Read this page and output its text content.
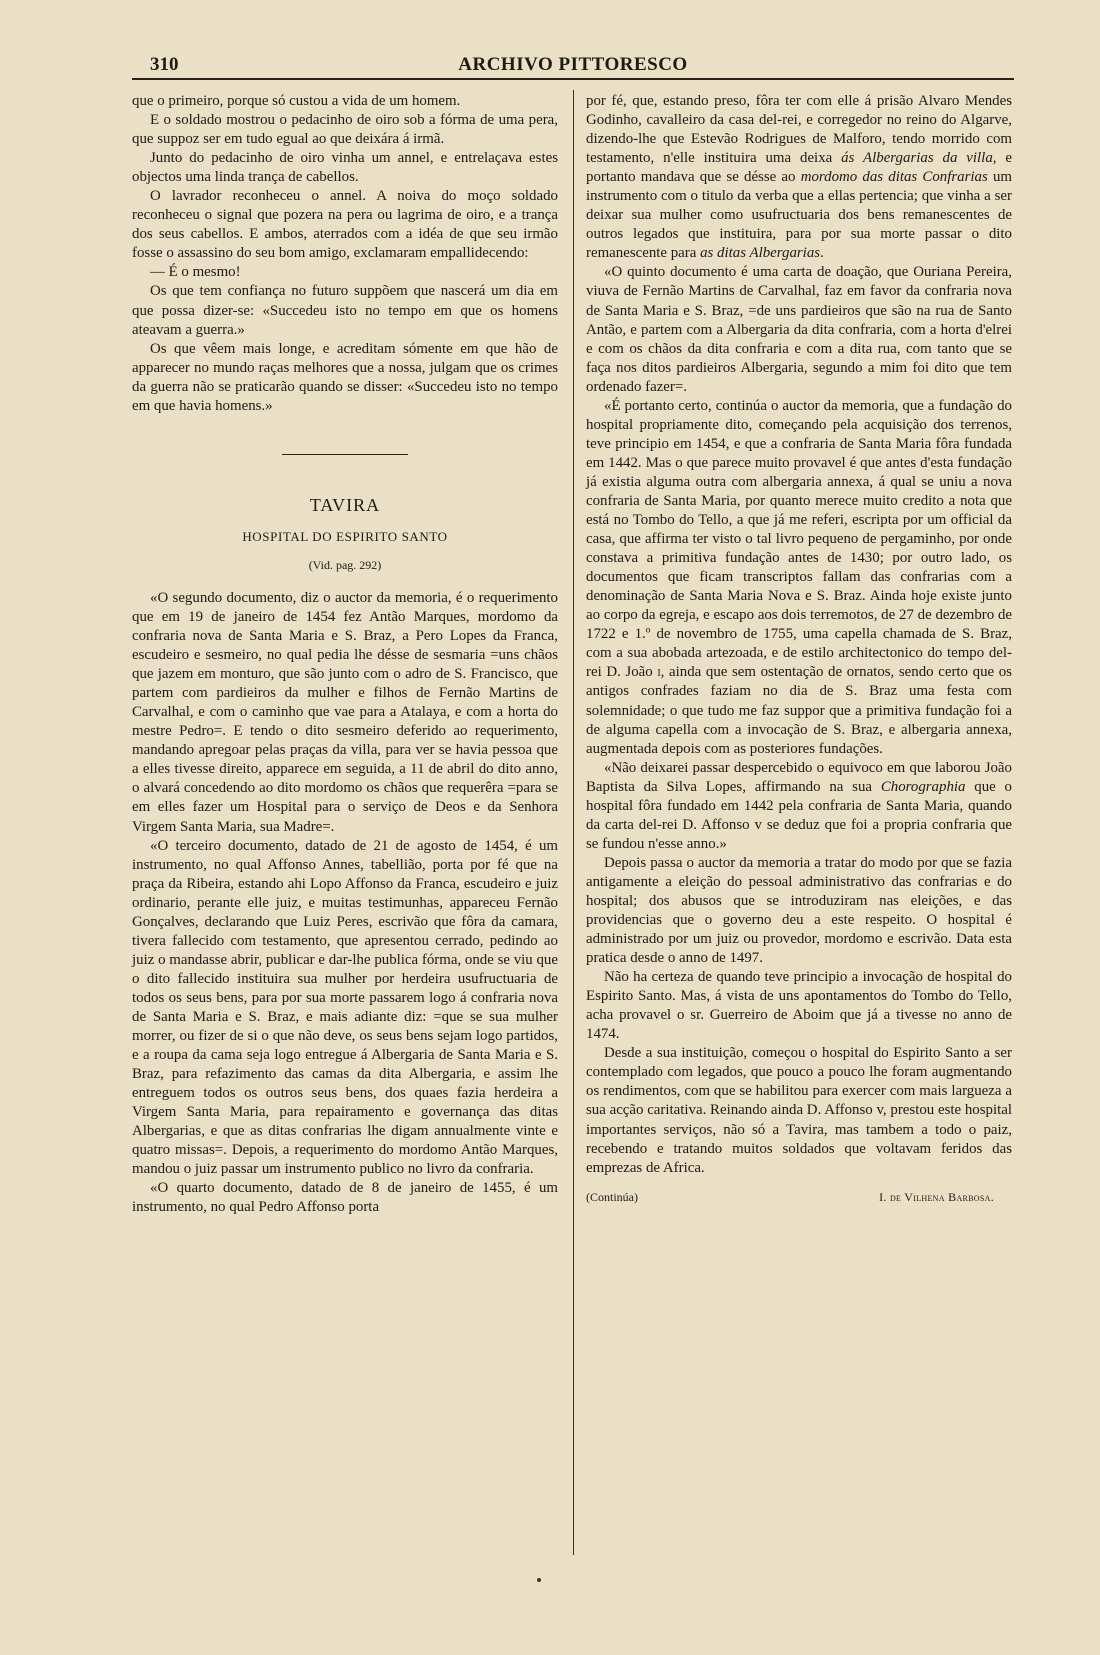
310	ARCHIVO PITTORESCO

que o primeiro, porque só custou a vida de um homem.

E o soldado mostrou o pedacinho de oiro sob a fórma de uma pera, que suppoz ser em tudo egual ao que deixára á irmã.

Junto do pedacinho de oiro vinha um annel, e entrelaçava estes objectos uma linda trança de cabellos.

O lavrador reconheceu o annel. A noiva do moço soldado reconheceu o signal que pozera na pera ou lagrima de oiro, e a trança dos seus cabellos. E ambos, aterrados com a idéa de que seu irmão fosse o assassino do seu bom amigo, exclamaram empallidecendo:

— É o mesmo!

Os que tem confiança no futuro suppõem que nascerá um dia em que possa dizer-se: «Succedeu isto no tempo em que os homens ateavam a guerra.»

Os que vêem mais longe, e acreditam sómente em que hão de apparecer no mundo raças melhores que a nossa, julgam que os crimes da guerra não se praticarão quando se disser: «Succedeu isto no tempo em que havia homens.»

TAVIRA
HOSPITAL DO ESPIRITO SANTO
(Vid. pag. 292)

«O segundo documento, diz o auctor da memoria, é o requerimento que em 19 de janeiro de 1454 fez Antão Marques, mordomo da confraria nova de Santa Maria e S. Braz, a Pero Lopes da Franca, escudeiro e sesmeiro, no qual pedia lhe désse de sesmaria =uns chãos que jazem em monturo, que são junto com o adro de S. Francisco, que partem com pardieiros da mulher e filhos de Fernão Martins de Carvalhal, e com o caminho que vae para a Atalaya, e com a horta do mestre Pedro=. E tendo o dito sesmeiro deferido ao requerimento, mandando apregoar pelas praças da villa, para ver se havia pessoa que a elles tivesse direito, apparece em seguida, a 11 de abril do dito anno, o alvará concedendo ao dito mordomo os chãos que requerêra =para se em elles fazer um Hospital para o serviço de Deos e da Senhora Virgem Santa Maria, sua Madre=.

«O terceiro documento, datado de 21 de agosto de 1454, é um instrumento, no qual Affonso Annes, tabellião, porta por fé que na praça da Ribeira, estando ahi Lopo Affonso da Franca, escudeiro e juiz ordinario, perante elle juiz, e muitas testimunhas, appareceu Fernão Gonçalves, declarando que Luiz Peres, escrivão que fôra da camara, tivera fallecido com testamento, que apresentou cerrado, pedindo ao juiz o mandasse abrir, publicar e dar-lhe publica fórma, onde se viu que o dito fallecido instituira sua mulher por herdeira usufructuaria de todos os seus bens, para por sua morte passarem logo á confraria nova de Santa Maria e S. Braz, e mais adiante diz: =que se sua mulher morrer, ou fizer de si o que não deve, os seus bens sejam logo partidos, e a roupa da cama seja logo entregue á Albergaria de Santa Maria e S. Braz, para refazimento das camas da dita Albergaria, e assim lhe entreguem todos os outros seus bens, dos quaes fazia herdeira a Virgem Santa Maria, para repairamento e governança das ditas Albergarias, e que as ditas confrarias lhe digam annualmente vinte e quatro missas=. Depois, a requerimento do mordomo Antão Marques, mandou o juiz passar um instrumento publico no livro da confraria.

«O quarto documento, datado de 8 de janeiro de 1455, é um instrumento, no qual Pedro Affonso porta

por fé, que, estando preso, fôra ter com elle á prisão Alvaro Mendes Godinho, cavalleiro da casa del-rei, e corregedor no reino do Algarve, dizendo-lhe que Estevão Rodrigues de Malforo, tendo morrido com testamento, n'elle instituira uma deixa ás Albergarias da villa, e portanto mandava que se désse ao mordomo das ditas Confrarias um instrumento com o titulo da verba que a ellas pertencia; que vinha a ser deixar sua mulher como usufructuaria dos bens remanescentes de outros legados que instituira, para por sua morte passar o dito remanescente para as ditas Albergarias.

«O quinto documento é uma carta de doação, que Ouriana Pereira, viuva de Fernão Martins de Carvalhal, faz em favor da confraria nova de Santa Maria e S. Braz, =de uns pardieiros que são na rua de Santo Antão, e partem com a Albergaria da dita confraria, com a horta d'elrei e com os chãos da dita confraria e com a dita rua, com tanto que se faça nos ditos pardieiros Albergaria, segundo a mim foi dito que tem ordenado fazer=.

«É portanto certo, continúa o auctor da memoria, que a fundação do hospital propriamente dito, começando pela acquisição dos terrenos, teve principio em 1454, e que a confraria de Santa Maria fôra fundada em 1442. Mas o que parece muito provavel é que antes d'esta fundação já existia alguma outra com albergaria annexa, á qual se uniu a nova confraria de Santa Maria, por quanto merece muito credito a nota que está no Tombo do Tello, a que já me referi, escripta por um official da casa, que affirma ter visto o tal livro pequeno de pergaminho, por onde constava a primitiva fundação antes de 1430; por outro lado, os documentos que ficam transcriptos fallam das confrarias com a denominação de Santa Maria Nova e S. Braz. Ainda hoje existe junto ao corpo da egreja, e escapo aos dois terremotos, de 27 de dezembro de 1722 e 1.º de novembro de 1755, uma capella chamada de S. Braz, com a sua abobada artezoada, e de estilo architectonico do tempo del-rei D. João i, ainda que sem ostentação de ornatos, sendo certo que os antigos confrades faziam no dia de S. Braz uma festa com solemnidade; o que tudo me faz suppor que a primitiva fundação foi a de alguma capella com a invocação de S. Braz, e albergaria annexa, augmentada depois com as posteriores fundações.

«Não deixarei passar despercebido o equivoco em que laborou João Baptista da Silva Lopes, affirmando na sua Chorographia que o hospital fôra fundado em 1442 pela confraria de Santa Maria, quando da carta del-rei D. Affonso v se deduz que foi a propria confraria que se fundou n'esse anno.»

Depois passa o auctor da memoria a tratar do modo por que se fazia antigamente a eleição do pessoal administrativo das confrarias e do hospital; dos abusos que se introduziram nas eleições, e das providencias que o governo deu a este respeito. O hospital é administrado por um juiz ou provedor, mordomo e escrivão. Data esta pratica desde o anno de 1497.

Não ha certeza de quando teve principio a invocação de hospital do Espirito Santo. Mas, á vista de uns apontamentos do Tombo do Tello, acha provavel o sr. Guerreiro de Aboim que já a tivesse no anno de 1474.

Desde a sua instituição, começou o hospital do Espirito Santo a ser contemplado com legados, que pouco a pouco lhe foram augmentando os rendimentos, com que se habilitou para exercer com mais largueza a sua acção caritativa. Reinando ainda D. Affonso v, prestou este hospital importantes serviços, não só a Tavira, mas tambem a todo o paiz, recebendo e tratando muitos soldados que voltavam feridos das emprezas de Africa.

(Continúa)	I. de Vilhena Barbosa.
